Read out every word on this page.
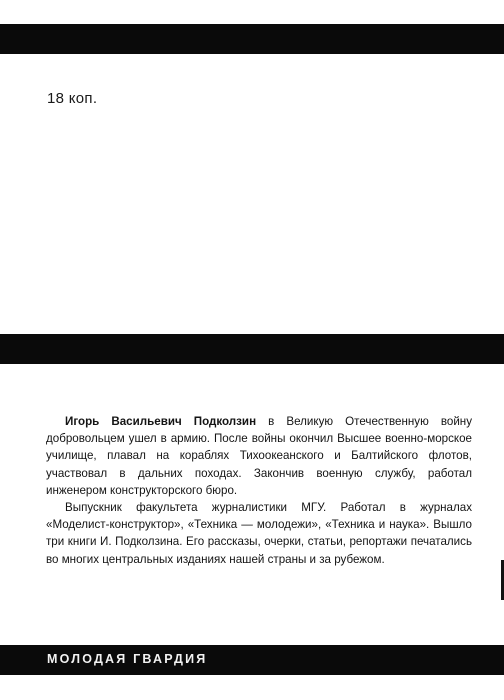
18 коп.

Игорь Васильевич Подколзин в Великую Отечественную войну добровольцем ушел в армию. После войны окончил Высшее военно-морское училище, плавал на кораблях Тихоокеанского и Балтийского флотов, участвовал в дальних походах. Закончив военную службу, работал инженером конструкторского бюро.

Выпускник факультета журналистики МГУ. Работал в журналах «Моделист-конструктор», «Техника — молодежи», «Техника и наука». Вышло три книги И. Подколзина. Его рассказы, очерки, статьи, репортажи печатались во многих центральных изданиях нашей страны и за рубежом.

МОЛОДАЯ ГВАРДИЯ
